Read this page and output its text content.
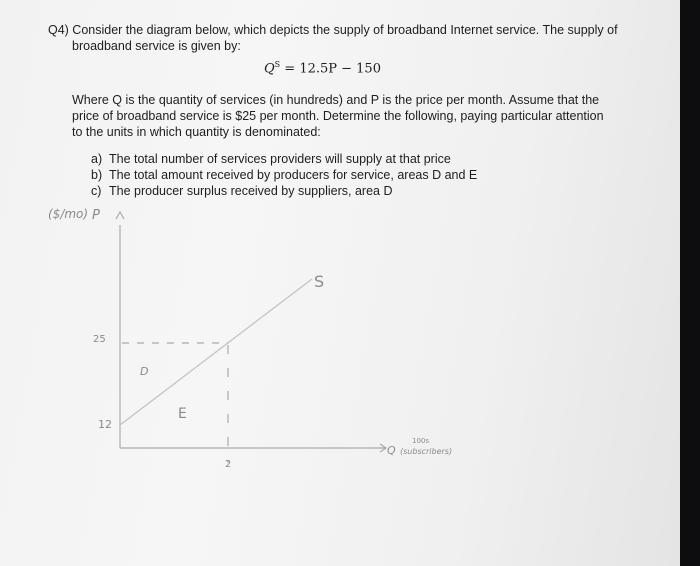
Q4) Consider the diagram below, which depicts the supply of broadband Internet service. The supply of
broadband service is given by:
$Q^S = 12.5P - 150$
Where Q is the quantity of services (in hundreds) and P is the price per month. Assume that the
price of broadband service is $25 per month. Determine the following, paying particular attention
to the units in which quantity is denominated:
a) The total number of services providers will supply at that price
b) The total amount received by producers for service, areas D and E
c) The producer surplus received by suppliers, area D
($/mo) P
S
25
12
2
D
E
Q
100s
(subscribers)
